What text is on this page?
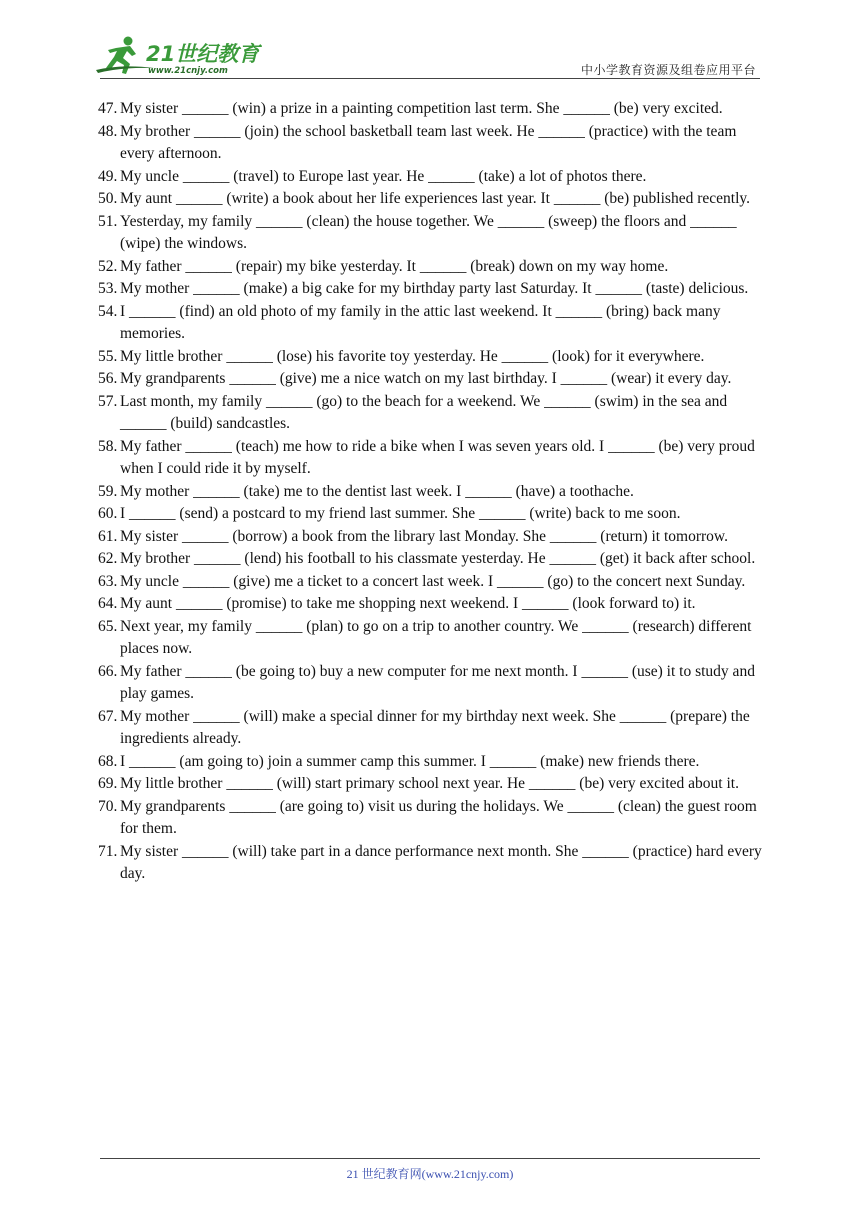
21世纪教育
www.21cnjy.com	中小学教育资源及组卷应用平台
47. My sister ______ (win) a prize in a painting competition last term. She ______ (be) very excited.
48. My brother ______ (join) the school basketball team last week. He ______ (practice) with the team every afternoon.
49. My uncle ______ (travel) to Europe last year. He ______ (take) a lot of photos there.
50. My aunt ______ (write) a book about her life experiences last year. It ______ (be) published recently.
51. Yesterday, my family ______ (clean) the house together. We ______ (sweep) the floors and ______ (wipe) the windows.
52. My father ______ (repair) my bike yesterday. It ______ (break) down on my way home.
53. My mother ______ (make) a big cake for my birthday party last Saturday. It ______ (taste) delicious.
54. I ______ (find) an old photo of my family in the attic last weekend. It ______ (bring) back many memories.
55. My little brother ______ (lose) his favorite toy yesterday. He ______ (look) for it everywhere.
56. My grandparents ______ (give) me a nice watch on my last birthday. I ______ (wear) it every day.
57. Last month, my family ______ (go) to the beach for a weekend. We ______ (swim) in the sea and ______ (build) sandcastles.
58. My father ______ (teach) me how to ride a bike when I was seven years old. I ______ (be) very proud when I could ride it by myself.
59. My mother ______ (take) me to the dentist last week. I ______ (have) a toothache.
60. I ______ (send) a postcard to my friend last summer. She ______ (write) back to me soon.
61. My sister ______ (borrow) a book from the library last Monday. She ______ (return) it tomorrow.
62. My brother ______ (lend) his football to his classmate yesterday. He ______ (get) it back after school.
63. My uncle ______ (give) me a ticket to a concert last week. I ______ (go) to the concert next Sunday.
64. My aunt ______ (promise) to take me shopping next weekend. I ______ (look forward to) it.
65. Next year, my family ______ (plan) to go on a trip to another country. We ______ (research) different places now.
66. My father ______ (be going to) buy a new computer for me next month. I ______ (use) it to study and play games.
67. My mother ______ (will) make a special dinner for my birthday next week. She ______ (prepare) the ingredients already.
68. I ______ (am going to) join a summer camp this summer. I ______ (make) new friends there.
69. My little brother ______ (will) start primary school next year. He ______ (be) very excited about it.
70. My grandparents ______ (are going to) visit us during the holidays. We ______ (clean) the guest room for them.
71. My sister ______ (will) take part in a dance performance next month. She ______ (practice) hard every day.
21 世纪教育网(www.21cnjy.com)
